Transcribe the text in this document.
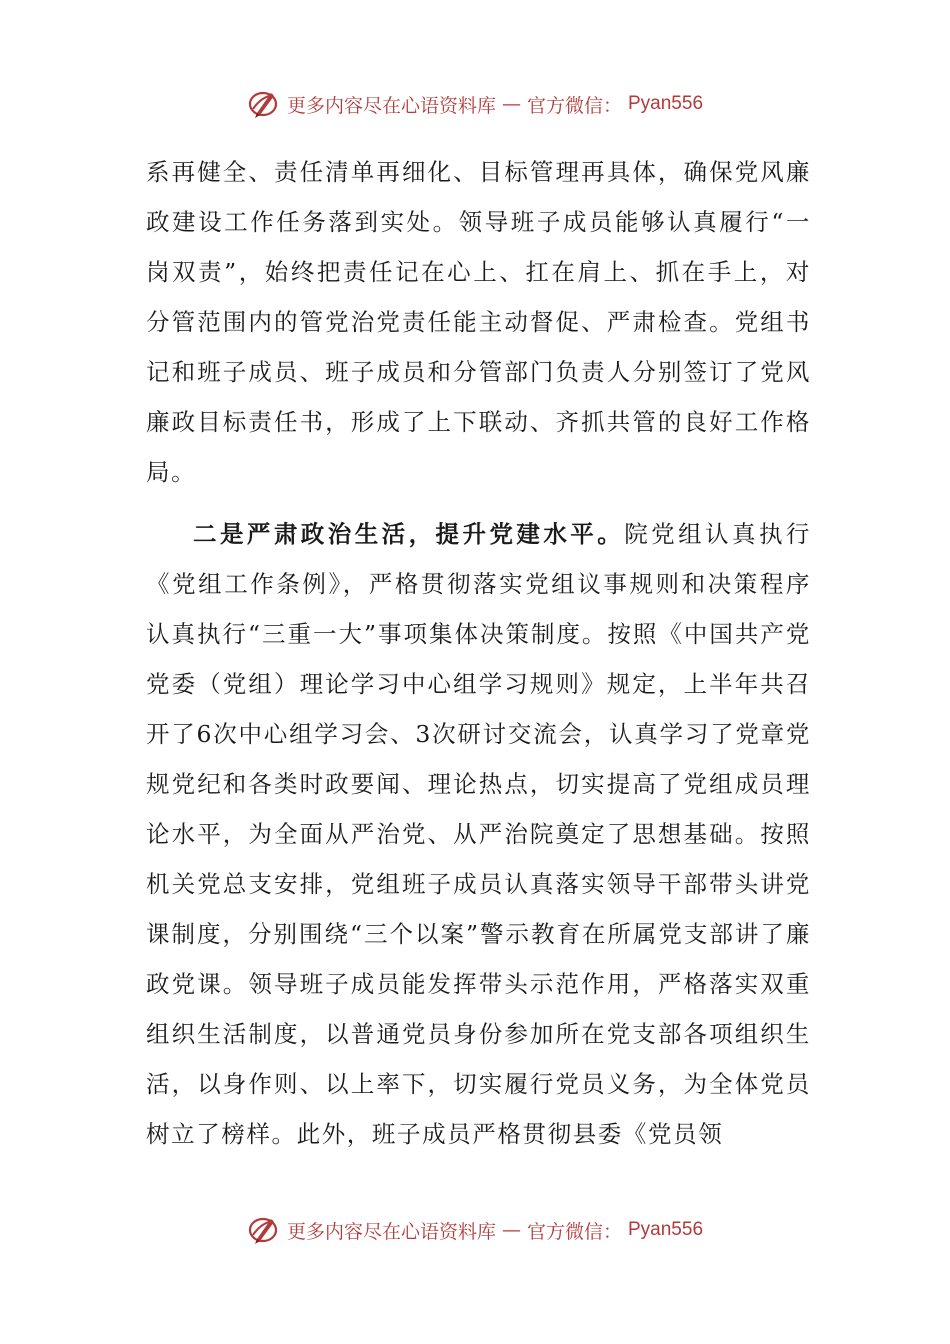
更多内容尽在心语资料库 — 官方微信： Pyan556

系再健全、责任清单再细化、目标管理再具体，确保党风廉政建设工作任务落到实处。领导班子成员能够认真履行“一岗双责”，始终把责任记在心上、扛在肩上、抓在手上，对分管范围内的管党治党责任能主动督促、严肃检查。党组书记和班子成员、班子成员和分管部门负责人分别签订了党风廉政目标责任书，形成了上下联动、齐抓共管的良好工作格局。

二是严肃政治生活，提升党建水平。院党组认真执行《党组工作条例》，严格贯彻落实党组议事规则和决策程序认真执行“三重一大”事项集体决策制度。按照《中国共产党党委（党组）理论学习中心组学习规则》规定，上半年共召开了6次中心组学习会、3次研讨交流会，认真学习了党章党规党纪和各类时政要闻、理论热点，切实提高了党组成员理论水平，为全面从严治党、从严治院奠定了思想基础。按照机关党总支安排，党组班子成员认真落实领导干部带头讲党课制度，分别围绕“三个以案”警示教育在所属党支部讲了廉政党课。领导班子成员能发挥带头示范作用，严格落实双重组织生活制度，以普通党员身份参加所在党支部各项组织生活，以身作则、以上率下，切实履行党员义务，为全体党员树立了榜样。此外，班子成员严格贯彻县委《党员领

更多内容尽在心语资料库 — 官方微信： Pyan556
